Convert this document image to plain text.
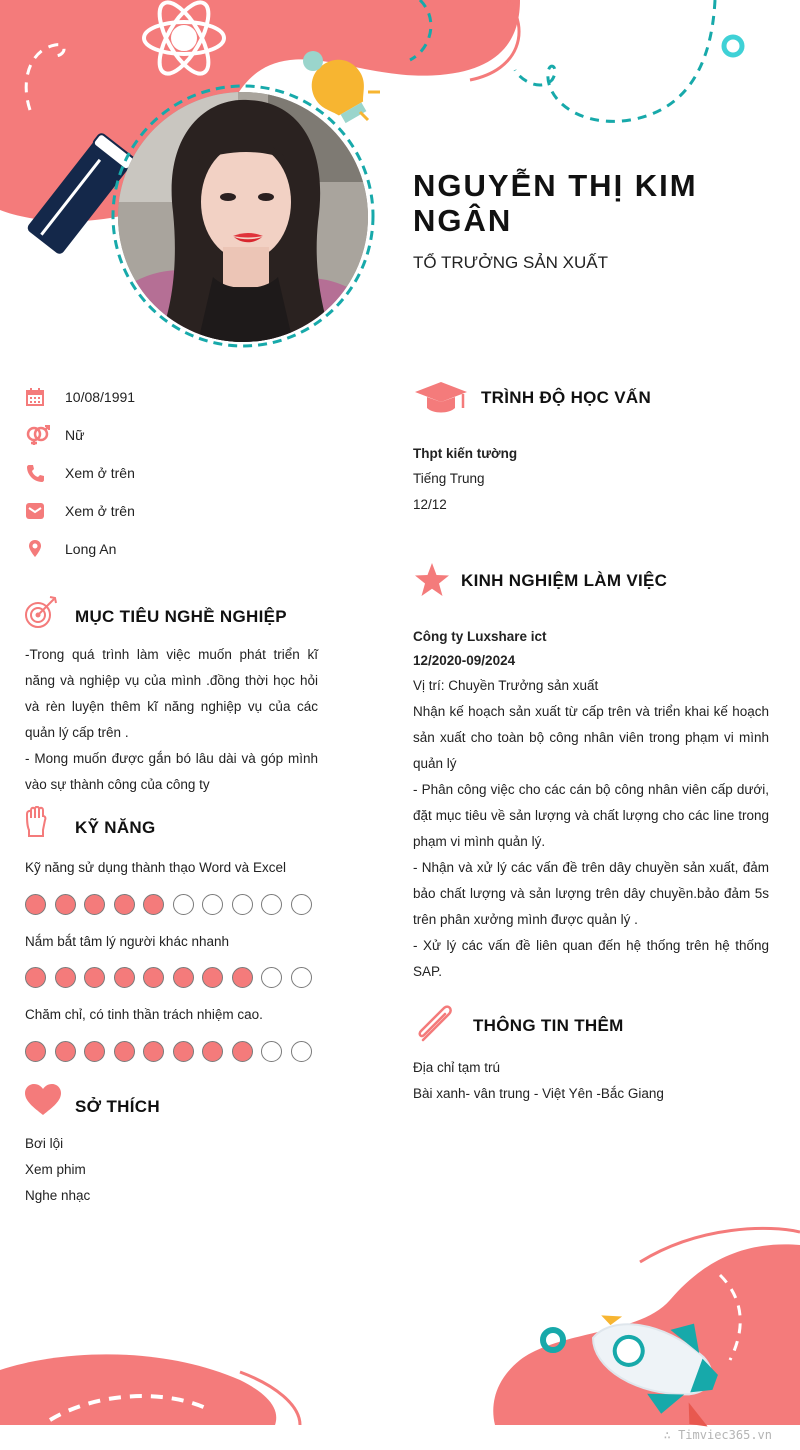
NGUYỄN THỊ KIM NGÂN
TỔ TRƯỞNG SẢN XUẤT
10/08/1991
Nữ
Xem ở trên
Xem ở trên
Long An
MỤC TIÊU NGHỀ NGHIỆP

-Trong quá trình làm việc muốn phát triển kĩ năng và nghiệp vụ của mình .đồng thời học hỏi và rèn luyện thêm kĩ năng nghiệp vụ của các quản lý cấp trên .

- Mong muốn được gắn bó lâu dài và góp mình vào sự thành công của công ty

KỸ NĂNG
Kỹ năng sử dụng thành thạo Word và Excel
Nắm bắt tâm lý người khác nhanh
Chăm chỉ, có tinh thần trách nhiệm cao.
SỞ THÍCH
Bơi lội
Xem phim
Nghe nhạc
TRÌNH ĐỘ HỌC VẤN
Thpt kiến tường
Tiếng Trung
12/12
KINH NGHIỆM LÀM VIỆC
Công ty Luxshare ict
12/2020-09/2024
Vị trí: Chuyền Trưởng sản xuất

Nhận kế hoạch sản xuất từ cấp trên và triển khai kế hoạch sản xuất cho toàn bộ công nhân viên trong phạm vi mình quản lý

- Phân công việc cho các cán bộ công nhân viên cấp dưới, đặt mục tiêu về sản lượng và chất lượng cho các line trong phạm vi mình quản lý.

- Nhận và xử lý các vấn đề trên dây chuyền sản xuất, đảm bảo chất lượng và sản lượng trên dây chuyền.bảo đảm 5s trên phân xưởng mình được quản lý .

- Xử lý các vấn đề liên quan đến hệ thống trên hệ thống SAP.

THÔNG TIN THÊM
Địa chỉ tạm trú
Bài xanh- vân trung - Việt Yên -Bắc Giang
∴ Timviec365.vn
